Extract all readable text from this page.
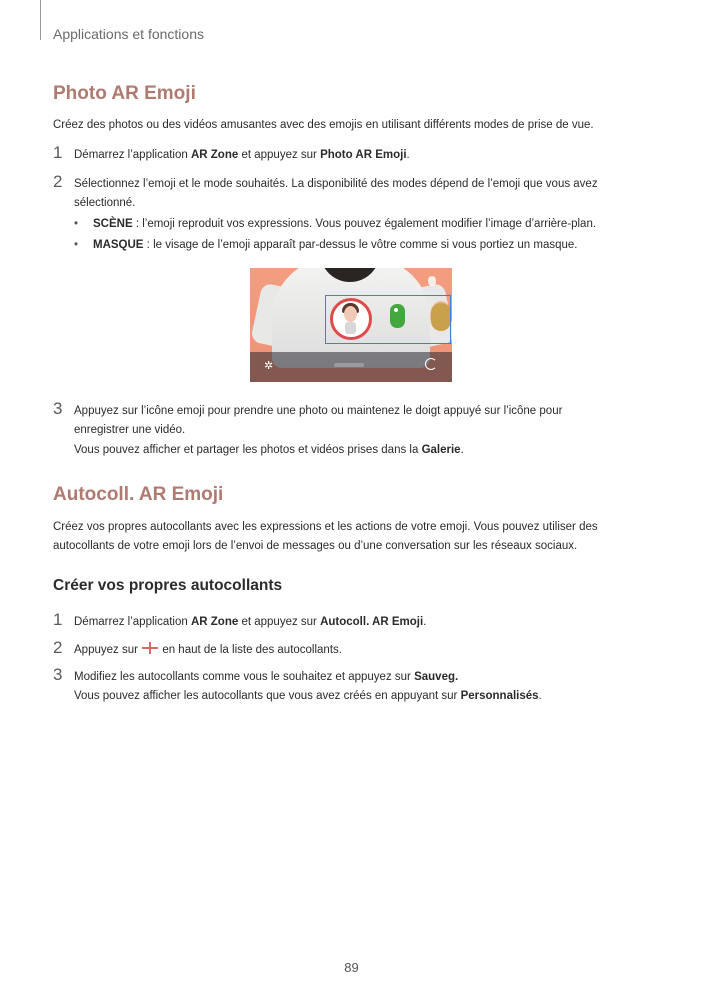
Applications et fonctions
Photo AR Emoji
Créez des photos ou des vidéos amusantes avec des emojis en utilisant différents modes de prise de vue.
1 Démarrez l’application AR Zone et appuyez sur Photo AR Emoji.
2 Sélectionnez l’emoji et le mode souhaités. La disponibilité des modes dépend de l’emoji que vous avez
sélectionné.
• SCÈNE : l’emoji reproduit vos expressions. Vous pouvez également modifier l’image d’arrière-plan.
• MASQUE : le visage de l’emoji apparaît par-dessus le vôtre comme si vous portiez un masque.
✲
3 Appuyez sur l’icône emoji pour prendre une photo ou maintenez le doigt appuyé sur l’icône pour
enregistrer une vidéo.
Vous pouvez afficher et partager les photos et vidéos prises dans la Galerie.
Autocoll. AR Emoji
Créez vos propres autocollants avec les expressions et les actions de votre emoji. Vous pouvez utiliser des
autocollants de votre emoji lors de l’envoi de messages ou d’une conversation sur les réseaux sociaux.
Créer vos propres autocollants
1 Démarrez l’application AR Zone et appuyez sur Autocoll. AR Emoji.
2 Appuyez sur  en haut de la liste des autocollants.
3 Modifiez les autocollants comme vous le souhaitez et appuyez sur Sauveg.
Vous pouvez afficher les autocollants que vous avez créés en appuyant sur Personnalisés.
89
